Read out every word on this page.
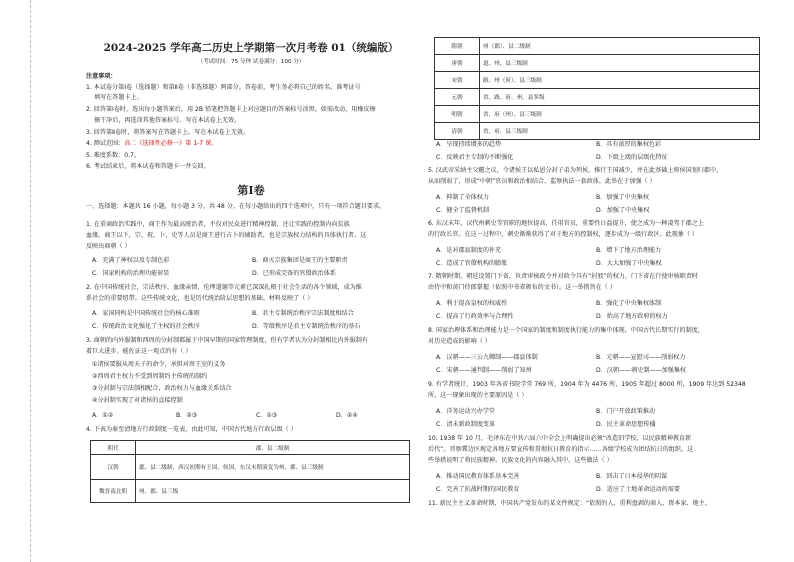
2024-2025 学年高二历史上学期第一次月考卷 01（统编版）
（考试时间：75 分钟 试卷满分：100 分）
注意事项：
1. 本试卷分第Ⅰ卷（选择题）和第Ⅱ卷（非选择题）两部分。答卷前，考生务必将自己的姓名、准考证号
填写在答题卡上。
2. 回答第Ⅰ卷时，选出每小题答案后，用 2B 铅笔把答题卡上对应题目的答案标号涂黑。如需改动，用橡皮擦
擦干净后，再选涂其他答案标号。写在本试卷上无效。
3. 回答第Ⅱ卷时，将答案写在答题卡上。写在本试卷上无效。
4. 测试范围：高二《选择性必修一》第 1-7 课。
5. 难度系数：0.7。
6. 考试结束后，将本试卷和答题卡一并交回。
第Ⅰ卷
一、选择题：本题共 16 小题，每小题 3 分，共 48 分。在每小题给出的四个选项中，只有一项符合题目要求。
1. 在重商政治实践中，商王作为最高统治者，不仅对民众进行精神控制，还让实践的控制内向贫族
血缘。商王以下，宗、祝、卜、史等人员是商王进行占卜的辅助者，也是宗族权力结构的具体执行者。这
反映出商朝（ ）
A．充满了神权以及专制色彩	B．商灭宗族集团是商王的主要职责
C．国家机构的治理功能彰显	D．已形成完备的官僚政治体系
2. 在中国传统社会，宗法秩序、血缘亲情、伦理道德等元素已深深扎根于社会生活的各个领域，成为维
系社会的重要纽带。这些传统文化，也是历代统治阶层思想的基础。材料反映了（ ）
A．家国同构是中国传统社会的核心准则	B．君主专制统治秩序宗法制度相结合
C．传统政治文化强化了主权的社会秩序	D．等级秩序是君主专制统治秩序的基石
3. 商朝的内外服制和西周的分封制都属于中国早期的国家管理制度，但有学者认为分封制相比内外服制有
着巨大进步。能佐证这一观点的有（ ）
①诸侯要服从周天子的命令，承担对周王室的义务
②西周君主权力不受到周制约主传统的制约
③分封制与宗法制相配合，政治权力与血缘关系结合
④分封制实现了对诸侯的直接控制
A．①②	B．②③	C．①③	D．②④
4. 下表为秦至清地方行政制度一览表，由此可知，中国古代地方行政层级（ ）
朝代	郡、县二级制
汉朝	郡、县二级制，西汉初期有王国、侯国，东汉末期演变为州、郡、县三级制
魏晋南北朝	州、郡、县三级
隋朝	州（郡）、县二级制
唐朝	道、州、县三级制
宋朝	路、州（府）、县三级制
元朝	省、路、府、州、县多级
明朝	省、府（州）、县三级制
清朝	省、府、县三级制
A．呈现持续增多的趋势	B．具有浓厚的集权色彩
C．反映君主专制的不断强化	D．下级上级的层级化特征
5. 汉武帝采纳主父偃之议，令诸侯王以私恩分封子弟为列侯，推行王国减少，并在此基础上将侯国划归郡中，
从而削弱了，形成“中朝”官员和政治相结合、监察执法一套政体，此举在于加强（ ）
A．抑制了全体权力	B．加强了中央集权
C．健全了监督机制	D．加强了中央集权
6. 东汉末年，汉代州刺史等官职的地位提高，任用官员，重要性日益提升，使之成为一种凌驾于郡之上
的行政长官。在这一过程中，刺史渐渐获得了对于地方的控制权，逐步成为一级行政区。此现象（ ）
A．是对郡县制度的补充	B．增下了地方治理能力
C．造成了官僚机构的膨胀	D．大大加强了中央集权
7. 隋朝时期，朝廷设置门下省，负责审核政令并对政令具有“封驳”的权力，门下省在行使审核职责时
由侍中和黄门侍郎掌握（依照中书省颁布的文书）。这一举措旨在（ ）
A．利于提高皇权的权威性	B．强化了中央集权体制
C．提高了行政效率与合理性	D．抬高了地方政府的权力
8. 国家治理体系和治理能力是一个国家的制度和制度执行能力的集中体现。中国古代长期实行的制度，
对历史造成的影响（ ）
A．汉朝——三公九卿制——郡县体制	B．元朝——宣慰司——削弱权力
C．宋朝——通判制——削弱了知州	D．汉朝——刺史制——加强集权
9. 有学者统计，1903 年各省书院学堂 769 所，1904 年为 4476 所，1905 年超过 8000 所，1909 年达到 52348
所。这一现象出现的主要原因是（ ）
A．洋务运动兴办学堂	B．门户开放政策推动
C．清末新政制度变革	D．民主革命思想传播
10. 1938 年 10 月，毛泽东在中共六届六中全会上明确提出必须“改造旧学校，以民族精神教育新
后代”。晋察冀边区规定各地方要宣传和贯彻抗日教育的指示……各级学校成为团结抗日的组织。这
些举措说明了将民族精神、民族文化的内容融入其中。这些做法（ ）
A．推动国民教育体系基本完善	B．回击了日本侵华的阴谋
C．完善了抗战时期的国民教育	D．适应了土地革命运动的需要
11. 新民主主义革命时期，中国共产党发布的某文件规定：“依照的人、重利盘剥的商人、资本家、地主、
